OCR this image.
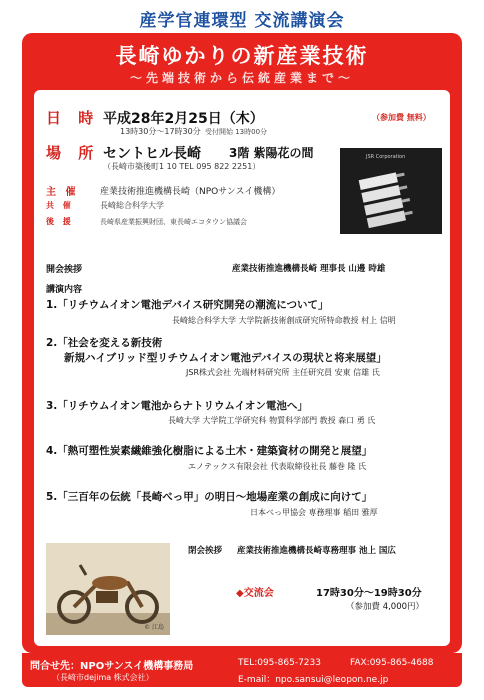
産学官連環型 交流講演会
長崎ゆかりの新産業技術
～先端技術から伝統産業まで～
日 時 平成28年2月25日（木）	（参加費 無料）
13時30分～17時30分 受付開始 13時00分
場 所 セントヒル長崎 3階 紫陽花の間
（長崎市築後町1 10 TEL 095 822 2251）
主 催 産業技術推進機構長崎（NPOサンスイ機構）
共 催	長崎総合科学大学
後 援	長崎県産業振興財団、東長崎エコタウン協議会
JSR Corporation
開会挨拶	産業技術推進機構長崎 理事長 山邊 時雄
講演内容
1.「リチウムイオン電池デバイス研究開発の潮流について」
長崎総合科学大学 大学院新技術創成研究所特命教授 村上 信明
2.「社会を変える新技術
新規ハイブリッド型リチウムイオン電池デバイスの現状と将来展望」
JSR株式会社 先端材料研究所 主任研究員 安東 信雄 氏
3.「リチウムイオン電池からナトリウムイオン電池へ」
長崎大学 大学院工学研究科 物質科学部門 教授 森口 勇 氏
4.「熱可塑性炭素繊維強化樹脂による土木・建築資材の開発と展望」
エノテックス有限会社 代表取締役社長 藤巻 隆 氏
5.「三百年の伝統「長崎べっ甲」の明日～地場産業の創成に向けて」
日本べっ甲協会 専務理事 稲田 雅厚
© 江島
閉会挨拶 産業技術推進機構長崎専務理事 池上 国広
◆交流会	17時30分～19時30分
（参加費 4,000円）
問合せ先：NPOサンスイ機構事務局
（長崎市dejima 株式会社）
TEL:095-865-7233	FAX:095-865-4688
E-mail：npo.sansui@leopon.ne.jp
